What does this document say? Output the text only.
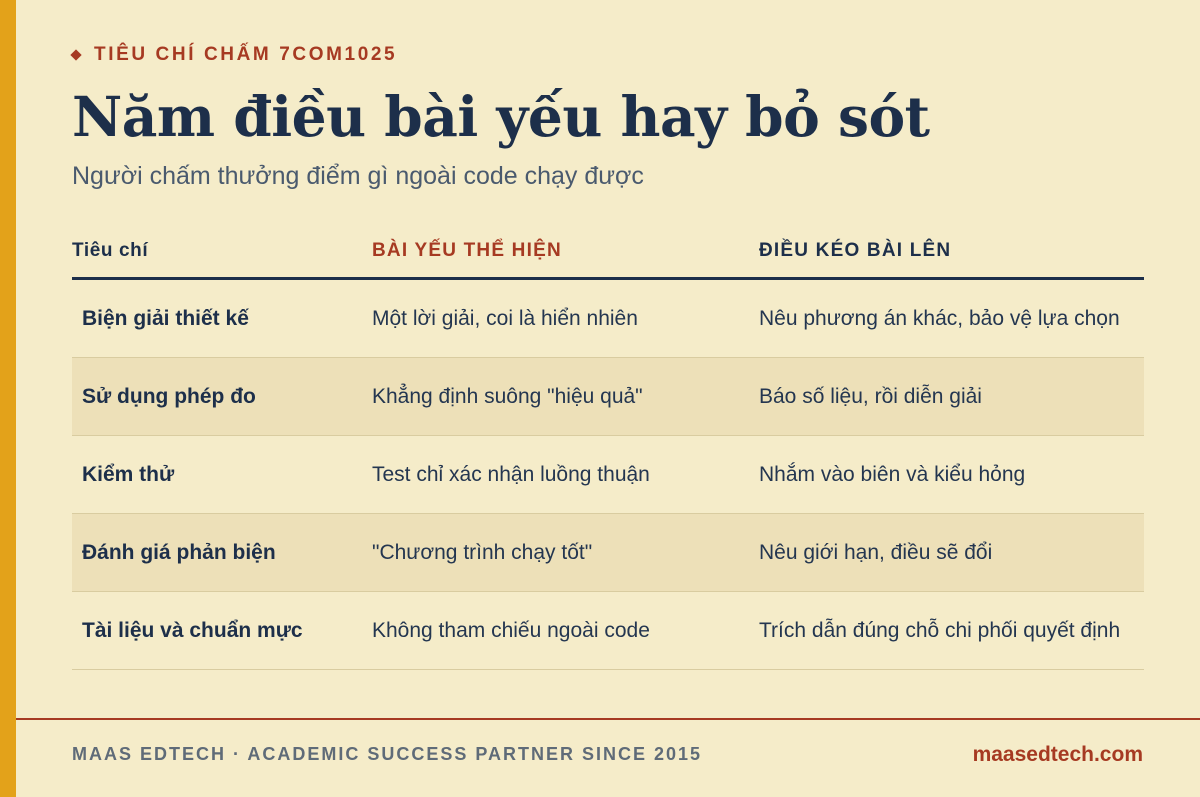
TIÊU CHÍ CHẤM 7COM1025
Năm điều bài yếu hay bỏ sót
Người chấm thưởng điểm gì ngoài code chạy được
Tiêu chí	BÀI YẾU THỂ HIỆN	ĐIỀU KÉO BÀI LÊN
Biện giải thiết kế	Một lời giải, coi là hiển nhiên	Nêu phương án khác, bảo vệ lựa chọn
Sử dụng phép đo	Khẳng định suông "hiệu quả"	Báo số liệu, rồi diễn giải
Kiểm thử	Test chỉ xác nhận luồng thuận	Nhắm vào biên và kiểu hỏng
Đánh giá phản biện	"Chương trình chạy tốt"	Nêu giới hạn, điều sẽ đổi
Tài liệu và chuẩn mực	Không tham chiếu ngoài code	Trích dẫn đúng chỗ chi phối quyết định
MAAS EDTECH · ACADEMIC SUCCESS PARTNER SINCE 2015	maasedtech.com
